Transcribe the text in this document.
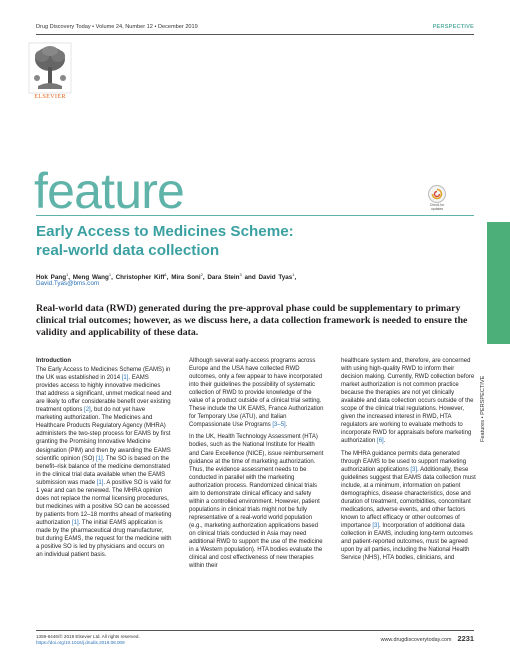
Drug Discovery Today • Volume 24, Number 12 • December 2019	PERSPECTIVE
ELSEVIER
feature	Check for
updates
Early Access to Medicines Scheme:
real-world data collection
Hok Pang$^1$, Meng Wang$^1$, Christopher Kiff$^1$, Mira Soni$^2$, Dara Stein$^3$ and David Tyas$^1$,
David.Tyas@bms.com
Real-world data (RWD) generated during the pre-approval phase could be supplementary to primary clinical trial outcomes; however, as we discuss here, a data collection framework is needed to ensure the validity and applicability of these data.

Introduction

The Early Access to Medicines Scheme (EAMS) in the UK was established in 2014 [1]. EAMS provides access to highly innovative medicines that address a significant, unmet medical need and are likely to offer considerable benefit over existing treatment options [2], but do not yet have marketing authorization. The Medicines and Healthcare Products Regulatory Agency (MHRA) administers the two-step process for EAMS by first granting the Promising Innovative Medicine designation (PIM) and then by awarding the EAMS scientific opinion (SO) [1]. The SO is based on the benefit–risk balance of the medicine demonstrated in the clinical trial data available when the EAMS submission was made [1]. A positive SO is valid for 1 year and can be renewed. The MHRA opinion does not replace the normal licensing procedures, but medicines with a positive SO can be accessed by patients from 12–18 months ahead of marketing authorization [1]. The initial EAMS application is made by the pharmaceutical drug manufacturer, but during EAMS, the request for the medicine with a positive SO is led by physicians and occurs on an individual patient basis.

Although several early-access programs across Europe and the USA have collected RWD outcomes, only a few appear to have incorporated into their guidelines the possibility of systematic collection of RWD to provide knowledge of the value of a product outside of a clinical trial setting. These include the UK EAMS, France Authorization for Temporary Use (ATU), and Italian Compassionate Use Programs [3–5].

In the UK, Health Technology Assessment (HTA) bodies, such as the National Institute for Health and Care Excellence (NICE), issue reimbursement guidance at the time of marketing authorization. Thus, the evidence assessment needs to be conducted in parallel with the marketing authorization process. Randomized clinical trials aim to demonstrate clinical efficacy and safety within a controlled environment. However, patient populations in clinical trials might not be fully representative of a real-world world population (e.g., marketing authorization applications based on clinical trials conducted in Asia may need additional RWD to support the use of the medicine in a Western population). HTA bodies evaluate the clinical and cost effectiveness of new therapies within their

healthcare system and, therefore, are concerned with using high-quality RWD to inform their decision making. Currently, RWD collection before market authorization is not common practice because the therapies are not yet clinically available and data collection occurs outside of the scope of the clinical trial regulations. However, given the increased interest in RWD, HTA regulators are working to evaluate methods to incorporate RWD for appraisals before marketing authorization [6].

The MHRA guidance permits data generated through EAMS to be used to support marketing authorization applications [3]. Additionally, these guidelines suggest that EAMS data collection must include, at a minimum, information on patient demographics, disease characteristics, dose and duration of treatment, comorbidities, concomitant medications, adverse events, and other factors known to affect efficacy or other outcomes of importance [3]. Incorporation of additional data collection in EAMS, including long-term outcomes and patient-reported outcomes, must be agreed upon by all parties, including the National Health Service (NHS), HTA bodies, clinicians, and

Features • PERSPECTIVE
1359-6446/© 2019 Elsevier Ltd. All rights reserved.
https://doi.org/10.1016/j.drudis.2019.08.009	www.drugdiscoverytoday.com 2231
